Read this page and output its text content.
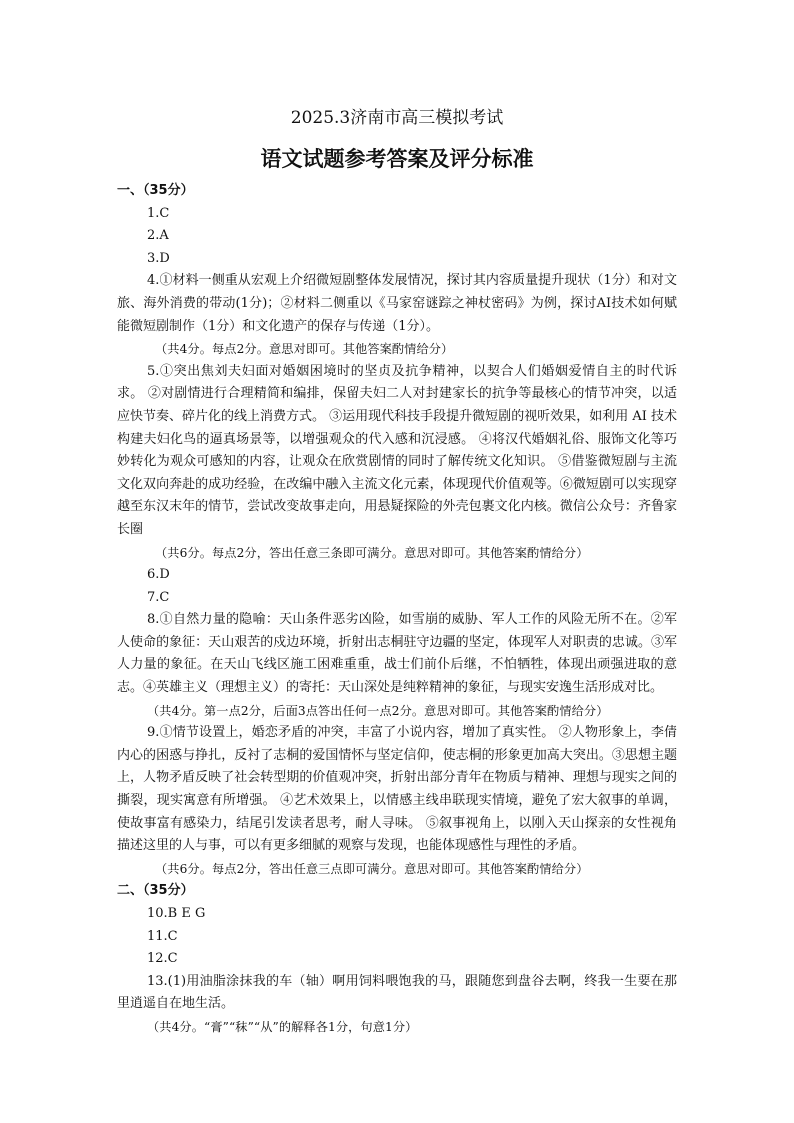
2025.3济南市高三模拟考试
语文试题参考答案及评分标准

一、（35分）

1.C

2.A

3.D

4.①材料一侧重从宏观上介绍微短剧整体发展情况，探讨其内容质量提升现状（1分）和对文旅、海外消费的带动(1分)；②材料二侧重以《马家窑谜踪之神杖密码》为例，探讨AI技术如何赋能微短剧制作（1分）和文化遗产的保存与传递（1分）。

（共4分。每点2分。意思对即可。其他答案酌情给分）

5.①突出焦刘夫妇面对婚姻困境时的坚贞及抗争精神，以契合人们婚姻爱情自主的时代诉求。 ②对剧情进行合理精简和编排，保留夫妇二人对封建家长的抗争等最核心的情节冲突，以适应快节奏、碎片化的线上消费方式。 ③运用现代科技手段提升微短剧的视听效果，如利用 AI 技术构建夫妇化鸟的逼真场景等，以增强观众的代入感和沉浸感。 ④将汉代婚姻礼俗、服饰文化等巧妙转化为观众可感知的内容，让观众在欣赏剧情的同时了解传统文化知识。 ⑤借鉴微短剧与主流文化双向奔赴的成功经验，在改编中融入主流文化元素，体现现代价值观等。⑥微短剧可以实现穿越至东汉末年的情节，尝试改变故事走向，用悬疑探险的外壳包裹文化内核。微信公众号：齐鲁家长圈

（共6分。每点2分，答出任意三条即可满分。意思对即可。其他答案酌情给分）

6.D

7.C

8.①自然力量的隐喻：天山条件恶劣凶险，如雪崩的威胁、军人工作的风险无所不在。②军人使命的象征：天山艰苦的戍边环境，折射出志桐驻守边疆的坚定，体现军人对职责的忠诚。③军人力量的象征。在天山飞线区施工困难重重，战士们前仆后继，不怕牺牲，体现出顽强进取的意志。④英雄主义（理想主义）的寄托：天山深处是纯粹精神的象征，与现实安逸生活形成对比。

（共4分。第一点2分，后面3点答出任何一点2分。意思对即可。其他答案酌情给分）

9.①情节设置上，婚恋矛盾的冲突，丰富了小说内容，增加了真实性。 ②人物形象上，李倩内心的困惑与挣扎，反衬了志桐的爱国情怀与坚定信仰，使志桐的形象更加高大突出。③思想主题上，人物矛盾反映了社会转型期的价值观冲突，折射出部分青年在物质与精神、理想与现实之间的撕裂，现实寓意有所增强。 ④艺术效果上，以情感主线串联现实情境，避免了宏大叙事的单调，使故事富有感染力，结尾引发读者思考，耐人寻味。 ⑤叙事视角上，以刚入天山探亲的女性视角描述这里的人与事，可以有更多细腻的观察与发现，也能体现感性与理性的矛盾。

（共6分。每点2分，答出任意三点即可满分。意思对即可。其他答案酌情给分）

二、（35分）

10.B E G

11.C

12.C

13.(1)用油脂涂抹我的车（轴）啊用饲料喂饱我的马，跟随您到盘谷去啊，终我一生要在那里逍遥自在地生活。

（共4分。“膏”“秣”“从”的解释各1分，句意1分）
